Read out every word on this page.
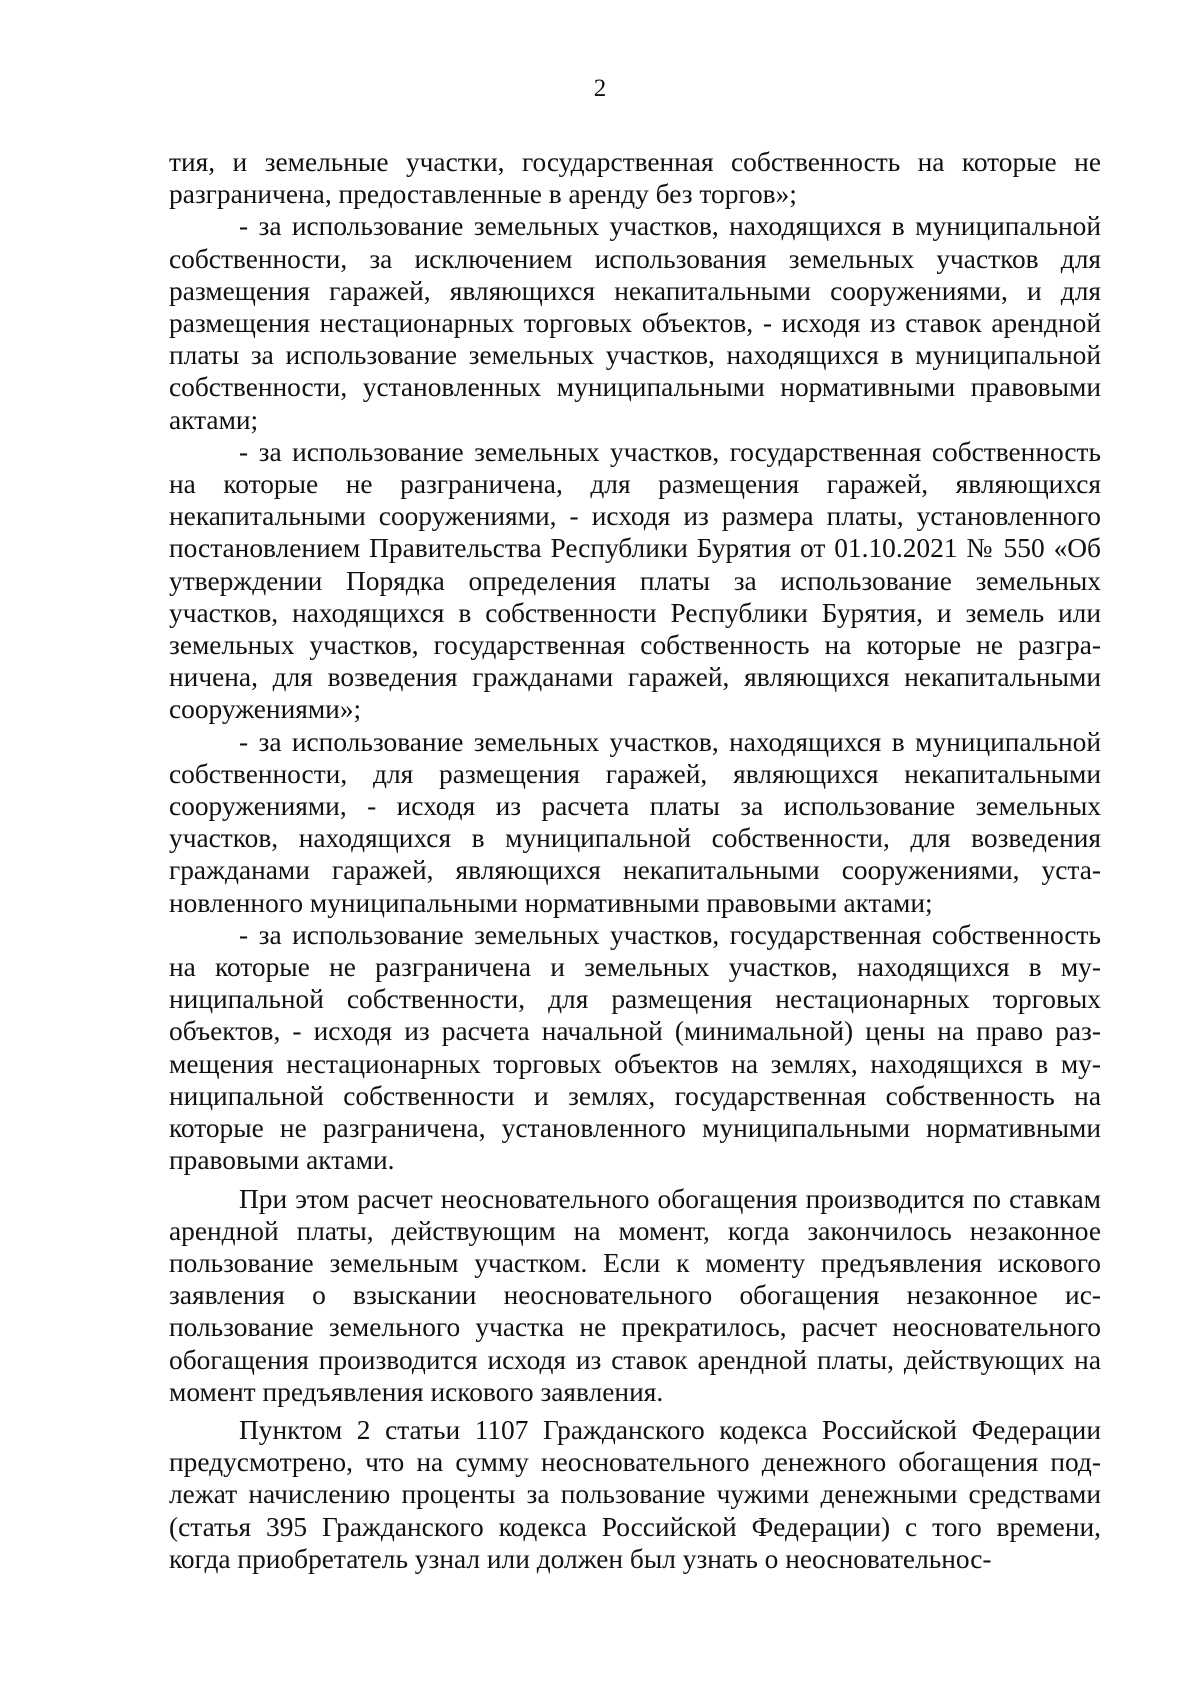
2

тия, и земельные участки, государственная собственность на которые не разграничена, предоставленные в аренду без торгов»;

- за использование земельных участков, находящихся в муниципальной собственности, за исключением использования земельных участков для размещения гаражей, являющихся некапитальными сооружениями, и для размещения нестационарных торговых объектов, - исходя из ставок арендной платы за использование земельных участков, находящихся в муниципальной собственности, установленных муниципальными нормативными правовыми актами;

- за использование земельных участков, государственная собственность на которые не разграничена, для размещения гаражей, являющихся некапитальными сооружениями, - исходя из размера платы, установленного постановлением Правительства Республики Бурятия от 01.10.2021 № 550 «Об утверждении Порядка определения платы за использование земельных участков, находящихся в собственности Республики Бурятия, и земель или земельных участков, государственная собственность на которые не разграничена, для возведения гражданами гаражей, являющихся некапитальными сооружениями»;

- за использование земельных участков, находящихся в муниципальной собственности, для размещения гаражей, являющихся некапитальными сооружениями, - исходя из расчета платы за использование земельных участков, находящихся в муниципальной собственности, для возведения гражданами гаражей, являющихся некапитальными сооружениями, установленного муниципальными нормативными правовыми актами;

- за использование земельных участков, государственная собственность на которые не разграничена и земельных участков, находящихся в муниципальной собственности, для размещения нестационарных торговых объектов, - исходя из расчета начальной (минимальной) цены на право размещения нестационарных торговых объектов на землях, находящихся в муниципальной собственности и землях, государственная собственность на которые не разграничена, установленного муниципальными нормативными правовыми актами.

При этом расчет неосновательного обогащения производится по ставкам арендной платы, действующим на момент, когда закончилось незаконное пользование земельным участком. Если к моменту предъявления искового заявления о взыскании неосновательного обогащения незаконное использование земельного участка не прекратилось, расчет неосновательного обогащения производится исходя из ставок арендной платы, действующих на момент предъявления искового заявления.

Пунктом 2 статьи 1107 Гражданского кодекса Российской Федерации предусмотрено, что на сумму неосновательного денежного обогащения подлежат начислению проценты за пользование чужими денежными средствами (статья 395 Гражданского кодекса Российской Федерации) с того времени, когда приобретатель узнал или должен был узнать о неосновательнос-
